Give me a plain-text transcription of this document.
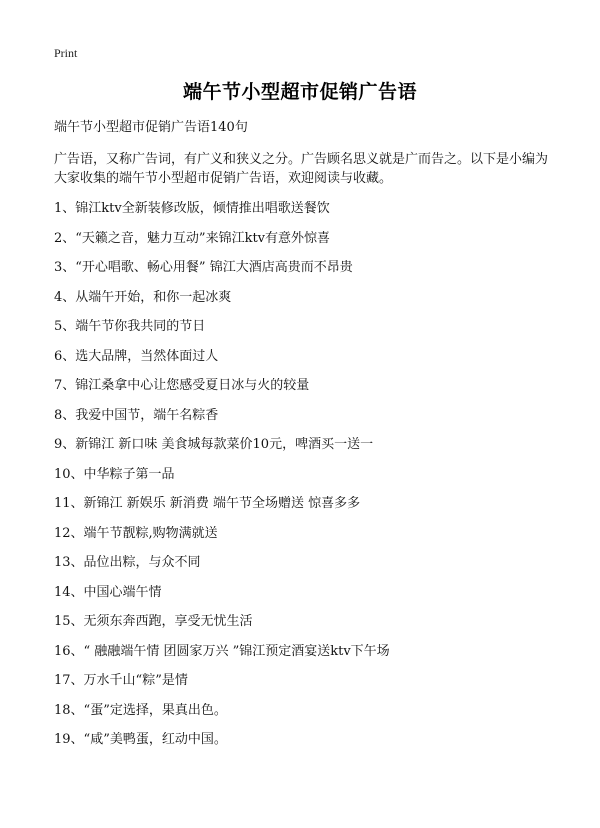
Print
端午节小型超市促销广告语
端午节小型超市促销广告语140句
广告语，又称广告词，有广义和狭义之分。广告顾名思义就是广而告之。以下是小编为大家收集的端午节小型超市促销广告语，欢迎阅读与收藏。
1、锦江ktv全新装修改版，倾情推出唱歌送餐饮
2、“天籁之音，魅力互动”来锦江ktv有意外惊喜
3、“开心唱歌、畅心用餐” 锦江大酒店高贵而不昂贵
4、从端午开始，和你一起冰爽
5、端午节你我共同的节日
6、选大品牌，当然体面过人
7、锦江桑拿中心让您感受夏日冰与火的较量
8、我爱中国节，端午名粽香
9、新锦江 新口味 美食城每款菜价10元，啤酒买一送一
10、中华粽子第一品
11、新锦江 新娱乐 新消费 端午节全场赠送 惊喜多多
12、端午节靓粽,购物满就送
13、品位出粽，与众不同
14、中国心端午情
15、无须东奔西跑，享受无忧生活
16、“ 融融端午情 团圆家万兴 ”锦江预定酒宴送ktv下午场
17、万水千山“粽”是情
18、“蛋”定选择，果真出色。
19、“咸”美鸭蛋，红动中国。
